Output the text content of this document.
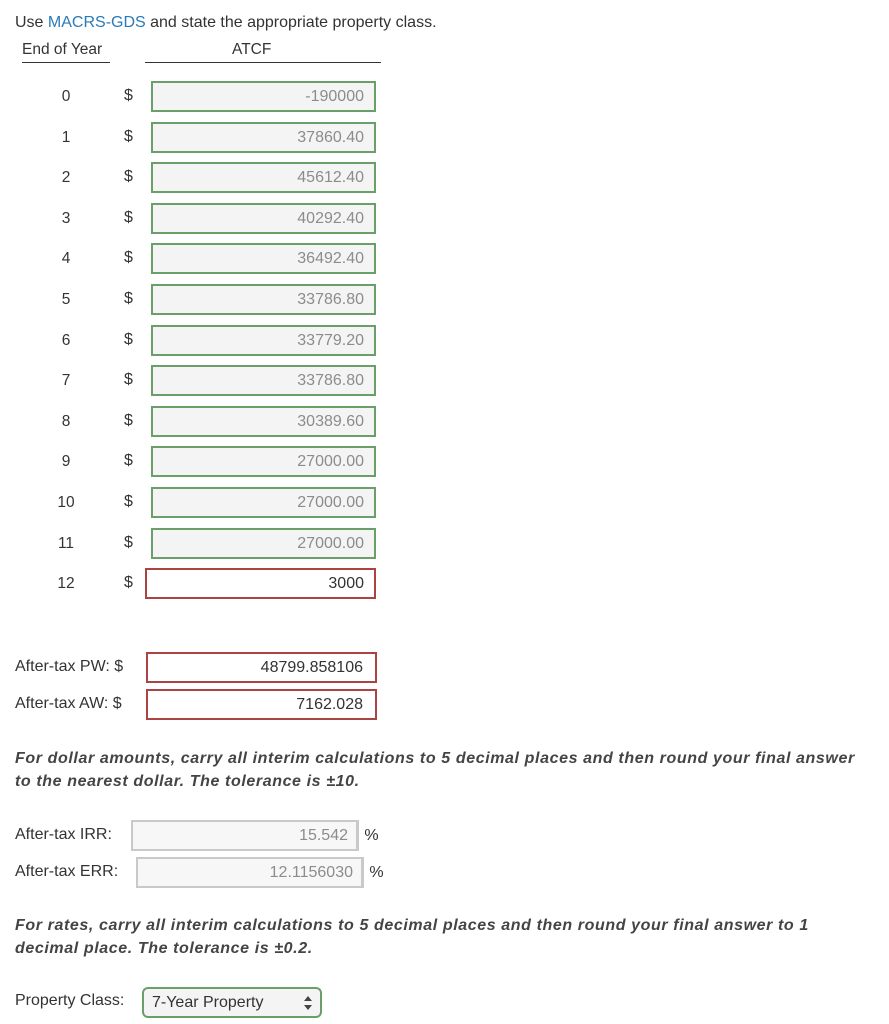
Use MACRS-GDS and state the appropriate property class.
End of Year	ATCF
0	$	-190000
1	$	37860.40
2	$	45612.40
3	$	40292.40
4	$	36492.40
5	$	33786.80
6	$	33779.20
7	$	33786.80
8	$	30389.60
9	$	27000.00
10	$	27000.00
11	$	27000.00
12	$	3000
After-tax PW: $	48799.858106
After-tax AW: $	7162.028
For dollar amounts, carry all interim calculations to 5 decimal places and then round your final answer to the nearest dollar. The tolerance is ±10.
After-tax IRR:	15.542	%
After-tax ERR:	12.1156030	%
For rates, carry all interim calculations to 5 decimal places and then round your final answer to 1 decimal place. The tolerance is ±0.2.
Property Class:	7-Year Property
